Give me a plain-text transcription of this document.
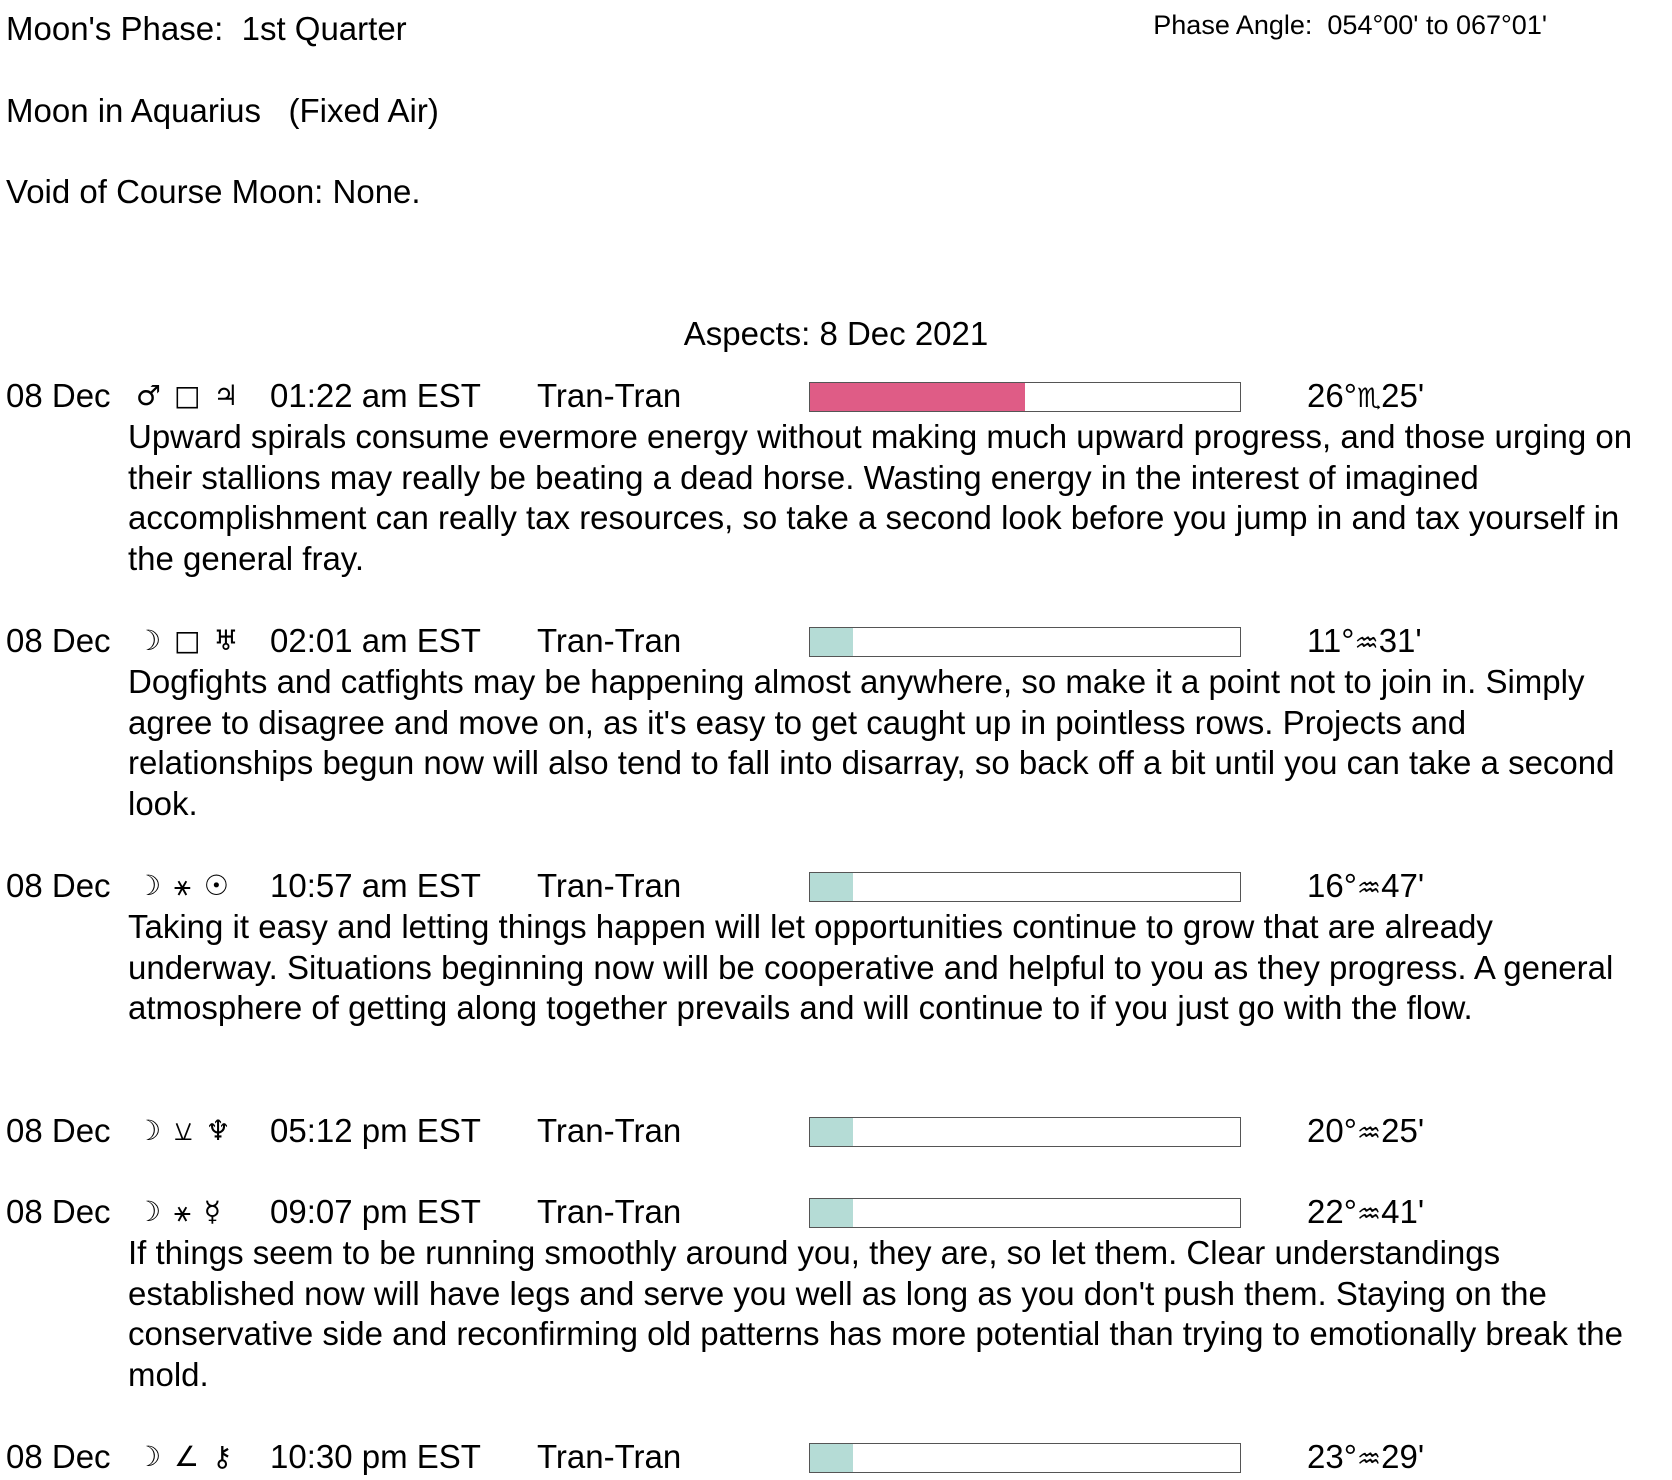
Moon's Phase:  1st Quarter	Phase Angle:  054°00' to 067°01'
Moon in Aquarius   (Fixed Air)
Void of Course Moon: None.
Aspects: 8 Dec 2021
08 Dec ♂ □ ♃ 01:22 am EST Tran-Tran	26°♏25'
Upward spirals consume evermore energy without making much upward progress, and those urging on their stallions may really be beating a dead horse. Wasting energy in the interest of imagined accomplishment can really tax resources, so take a second look before you jump in and tax yourself in the general fray.
08 Dec ☽ □ ♅ 02:01 am EST Tran-Tran	11°♒31'
Dogfights and catfights may be happening almost anywhere, so make it a point not to join in. Simply agree to disagree and move on, as it's easy to get caught up in pointless rows. Projects and relationships begun now will also tend to fall into disarray, so back off a bit until you can take a second look.
08 Dec ☽ ⚹ ☉ 10:57 am EST Tran-Tran	16°♒47'
Taking it easy and letting things happen will let opportunities continue to grow that are already underway. Situations beginning now will be cooperative and helpful to you as they progress. A general atmosphere of getting along together prevails and will continue to if you just go with the flow.
08 Dec ☽ ⚺ ♆ 05:12 pm EST Tran-Tran	20°♒25'
08 Dec ☽ ⚹ ☿ 09:07 pm EST Tran-Tran	22°♒41'
If things seem to be running smoothly around you, they are, so let them. Clear understandings established now will have legs and serve you well as long as you don't push them. Staying on the conservative side and reconfirming old patterns has more potential than trying to emotionally break the mold.
08 Dec ☽ ∠ ⚷ 10:30 pm EST Tran-Tran	23°♒29'
